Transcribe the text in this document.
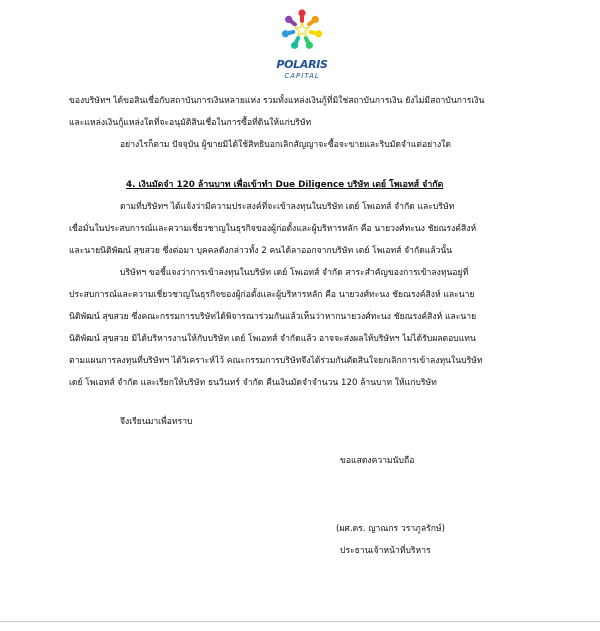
POLARIS
CAPITAL
ของบริษัทฯ ได้ขอสินเชื่อกับสถาบันการเงินหลายแห่ง รวมทั้งแหล่งเงินกู้ที่มิใช่สถาบันการเงิน ยังไม่มีสถาบันการเงิน
และแหล่งเงินกู้แหล่งใดที่จะอนุมัติสินเชื่อในการซื้อที่ดินให้แก่บริษัท
อย่างไรก็ตาม ปัจจุบัน ผู้ขายมิได้ใช้สิทธิบอกเลิกสัญญาจะซื้อจะขายและริบมัดจำแต่อย่างใด
4. เงินมัดจำ 120 ล้านบาท เพื่อเข้าทำ Due Diligence บริษัท เดย์ โพเอทส์ จำกัด
ตามที่บริษัทฯ ได้แจ้งว่ามีความประสงค์ที่จะเข้าลงทุนในบริษัท เดย์ โพเอทส์ จำกัด และบริษัท
เชื่อมั่นในประสบการณ์และความเชี่ยวชาญในธุรกิจของผู้ก่อตั้งและผู้บริหารหลัก คือ นายวงศ์ทะนง ชัยณรงค์สิงห์
และนายนิติพัฒน์ สุขสวย ซึ่งต่อมา บุคคลดังกล่าวทั้ง 2 คนได้ลาออกจากบริษัท เดย์ โพเอทส์ จำกัดแล้วนั้น
บริษัทฯ ขอชี้แจงว่าการเข้าลงทุนในบริษัท เดย์ โพเอทส์ จำกัด สาระสำคัญของการเข้าลงทุนอยู่ที่
ประสบการณ์และความเชี่ยวชาญในธุรกิจของผู้ก่อตั้งและผู้บริหารหลัก คือ นายวงศ์ทะนง ชัยณรงค์สิงห์ และนาย
นิติพัฒน์ สุขสวย ซึ่งคณะกรรมการบริษัทได้พิจารณาร่วมกันแล้วเห็นว่าหากนายวงศ์ทะนง ชัยณรงค์สิงห์ และนาย
นิติพัฒน์ สุขสวย มิได้บริหารงานให้กับบริษัท เดย์ โพเอทส์ จำกัดแล้ว อาจจะส่งผลให้บริษัทฯ ไม่ได้รับผลตอบแทน
ตามแผนการลงทุนที่บริษัทฯ ได้วิเคราะห์ไว้ คณะกรรมการบริษัทจึงได้ร่วมกันตัดสินใจยกเลิกการเข้าลงทุนในบริษัท
เดย์ โพเอทส์ จำกัด และเรียกให้บริษัท ธนวินทร์ จำกัด คืนเงินมัดจำจำนวน 120 ล้านบาท ให้แก่บริษัท
จึงเรียนมาเพื่อทราบ
ขอแสดงความนับถือ
(ผศ.ดร. ญาณกร วราภูลรักษ์)
ประธานเจ้าหน้าที่บริหาร
